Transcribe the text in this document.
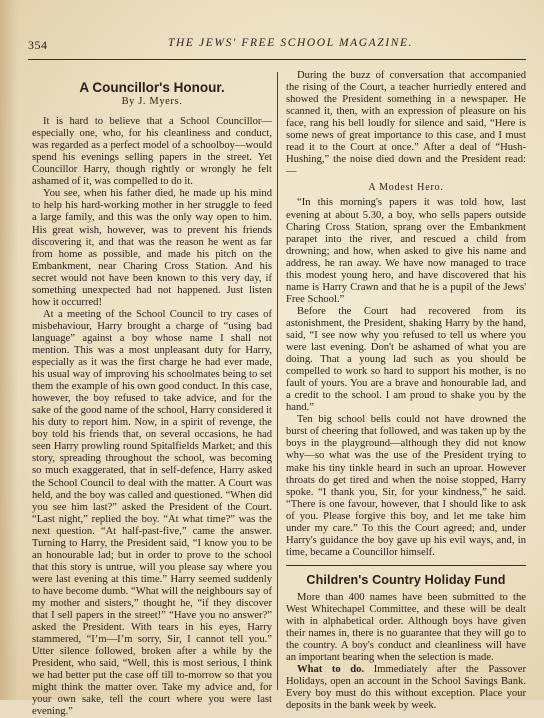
354	THE JEWS' FREE SCHOOL MAGAZINE.
A Councillor's Honour.
By J. Myers.

It is hard to believe that a School Councillor—especially one, who, for his cleanliness and conduct, was regarded as a perfect model of a schoolboy—would spend his evenings selling papers in the street. Yet Councillor Harry, though rightly or wrongly he felt ashamed of it, was compelled to do it.

You see, when his father died, he made up his mind to help his hard-working mother in her struggle to feed a large family, and this was the only way open to him. His great wish, however, was to prevent his friends discovering it, and that was the reason he went as far from home as possible, and made his pitch on the Embankment, near Charing Cross Station. And his secret would not have been known to this very day, if something unexpected had not happened. Just listen how it occurred!

At a meeting of the School Council to try cases of misbehaviour, Harry brought a charge of “using bad language” against a boy whose name I shall not mention. This was a most unpleasant duty for Harry, especially as it was the first charge he had ever made, his usual way of improving his schoolmates being to set them the example of his own good conduct. In this case, however, the boy refused to take advice, and for the sake of the good name of the school, Harry considered it his duty to report him. Now, in a spirit of revenge, the boy told his friends that, on several occasions, he had seen Harry prowling round Spitalfields Market; and this story, spreading throughout the school, was becoming so much exaggerated, that in self-defence, Harry asked the School Council to deal with the matter. A Court was held, and the boy was called and questioned. “When did you see him last?” asked the President of the Court. “Last night,” replied the boy. “At what time?” was the next question. “At half-past-five,” came the answer. Turning to Harry, the President said, “I know you to be an honourable lad; but in order to prove to the school that this story is untrue, will you please say where you were last evening at this time.” Harry seemed suddenly to have become dumb. “What will the neighbours say of my mother and sisters,” thought he, “if they discover that I sell papers in the street!” “Have you no answer?” asked the President. With tears in his eyes, Harry stammered, “I’m—I’m sorry, Sir, I cannot tell you.” Utter silence followed, broken after a while by the President, who said, “Well, this is most serious, I think we had better put the case off till to-morrow so that you might think the matter over. Take my advice and, for your own sake, tell the court where you were last evening.”

During the buzz of conversation that accompanied the rising of the Court, a teacher hurriedly entered and showed the President something in a newspaper. He scanned it, then, with an expression of pleasure on his face, rang his bell loudly for silence and said, “Here is some news of great importance to this case, and I must read it to the Court at once.” After a deal of “Hush-Hushing,” the noise died down and the President read:—

A Modest Hero.

“In this morning's papers it was told how, last evening at about 5.30, a boy, who sells papers outside Charing Cross Station, sprang over the Embankment parapet into the river, and rescued a child from drowning; and how, when asked to give his name and address, he ran away. We have now managed to trace this modest young hero, and have discovered that his name is Harry Crawn and that he is a pupil of the Jews' Free School.”

Before the Court had recovered from its astonishment, the President, shaking Harry by the hand, said, “I see now why you refused to tell us where you were last evening. Don't be ashamed of what you are doing. That a young lad such as you should be compelled to work so hard to support his mother, is no fault of yours. You are a brave and honourable lad, and a credit to the school. I am proud to shake you by the hand.”

Ten big school bells could not have drowned the burst of cheering that followed, and was taken up by the boys in the playground—although they did not know why—so what was the use of the President trying to make his tiny tinkle heard in such an uproar. However throats do get tired and when the noise stopped, Harry spoke. “I thank you, Sir, for your kindness,” he said. “There is one favour, however, that I should like to ask of you. Please forgive this boy, and let me take him under my care.” To this the Court agreed; and, under Harry's guidance the boy gave up his evil ways, and, in time, became a Councillor himself.

Children's Country Holiday Fund

More than 400 names have been submitted to the West Whitechapel Committee, and these will be dealt with in alphabetical order. Although boys have given their names in, there is no guarantee that they will go to the country. A boy's conduct and cleanliness will have an important bearing when the selection is made.

What to do. Immediately after the Passover Holidays, open an account in the School Savings Bank. Every boy must do this without exception. Place your deposits in the bank week by week.
